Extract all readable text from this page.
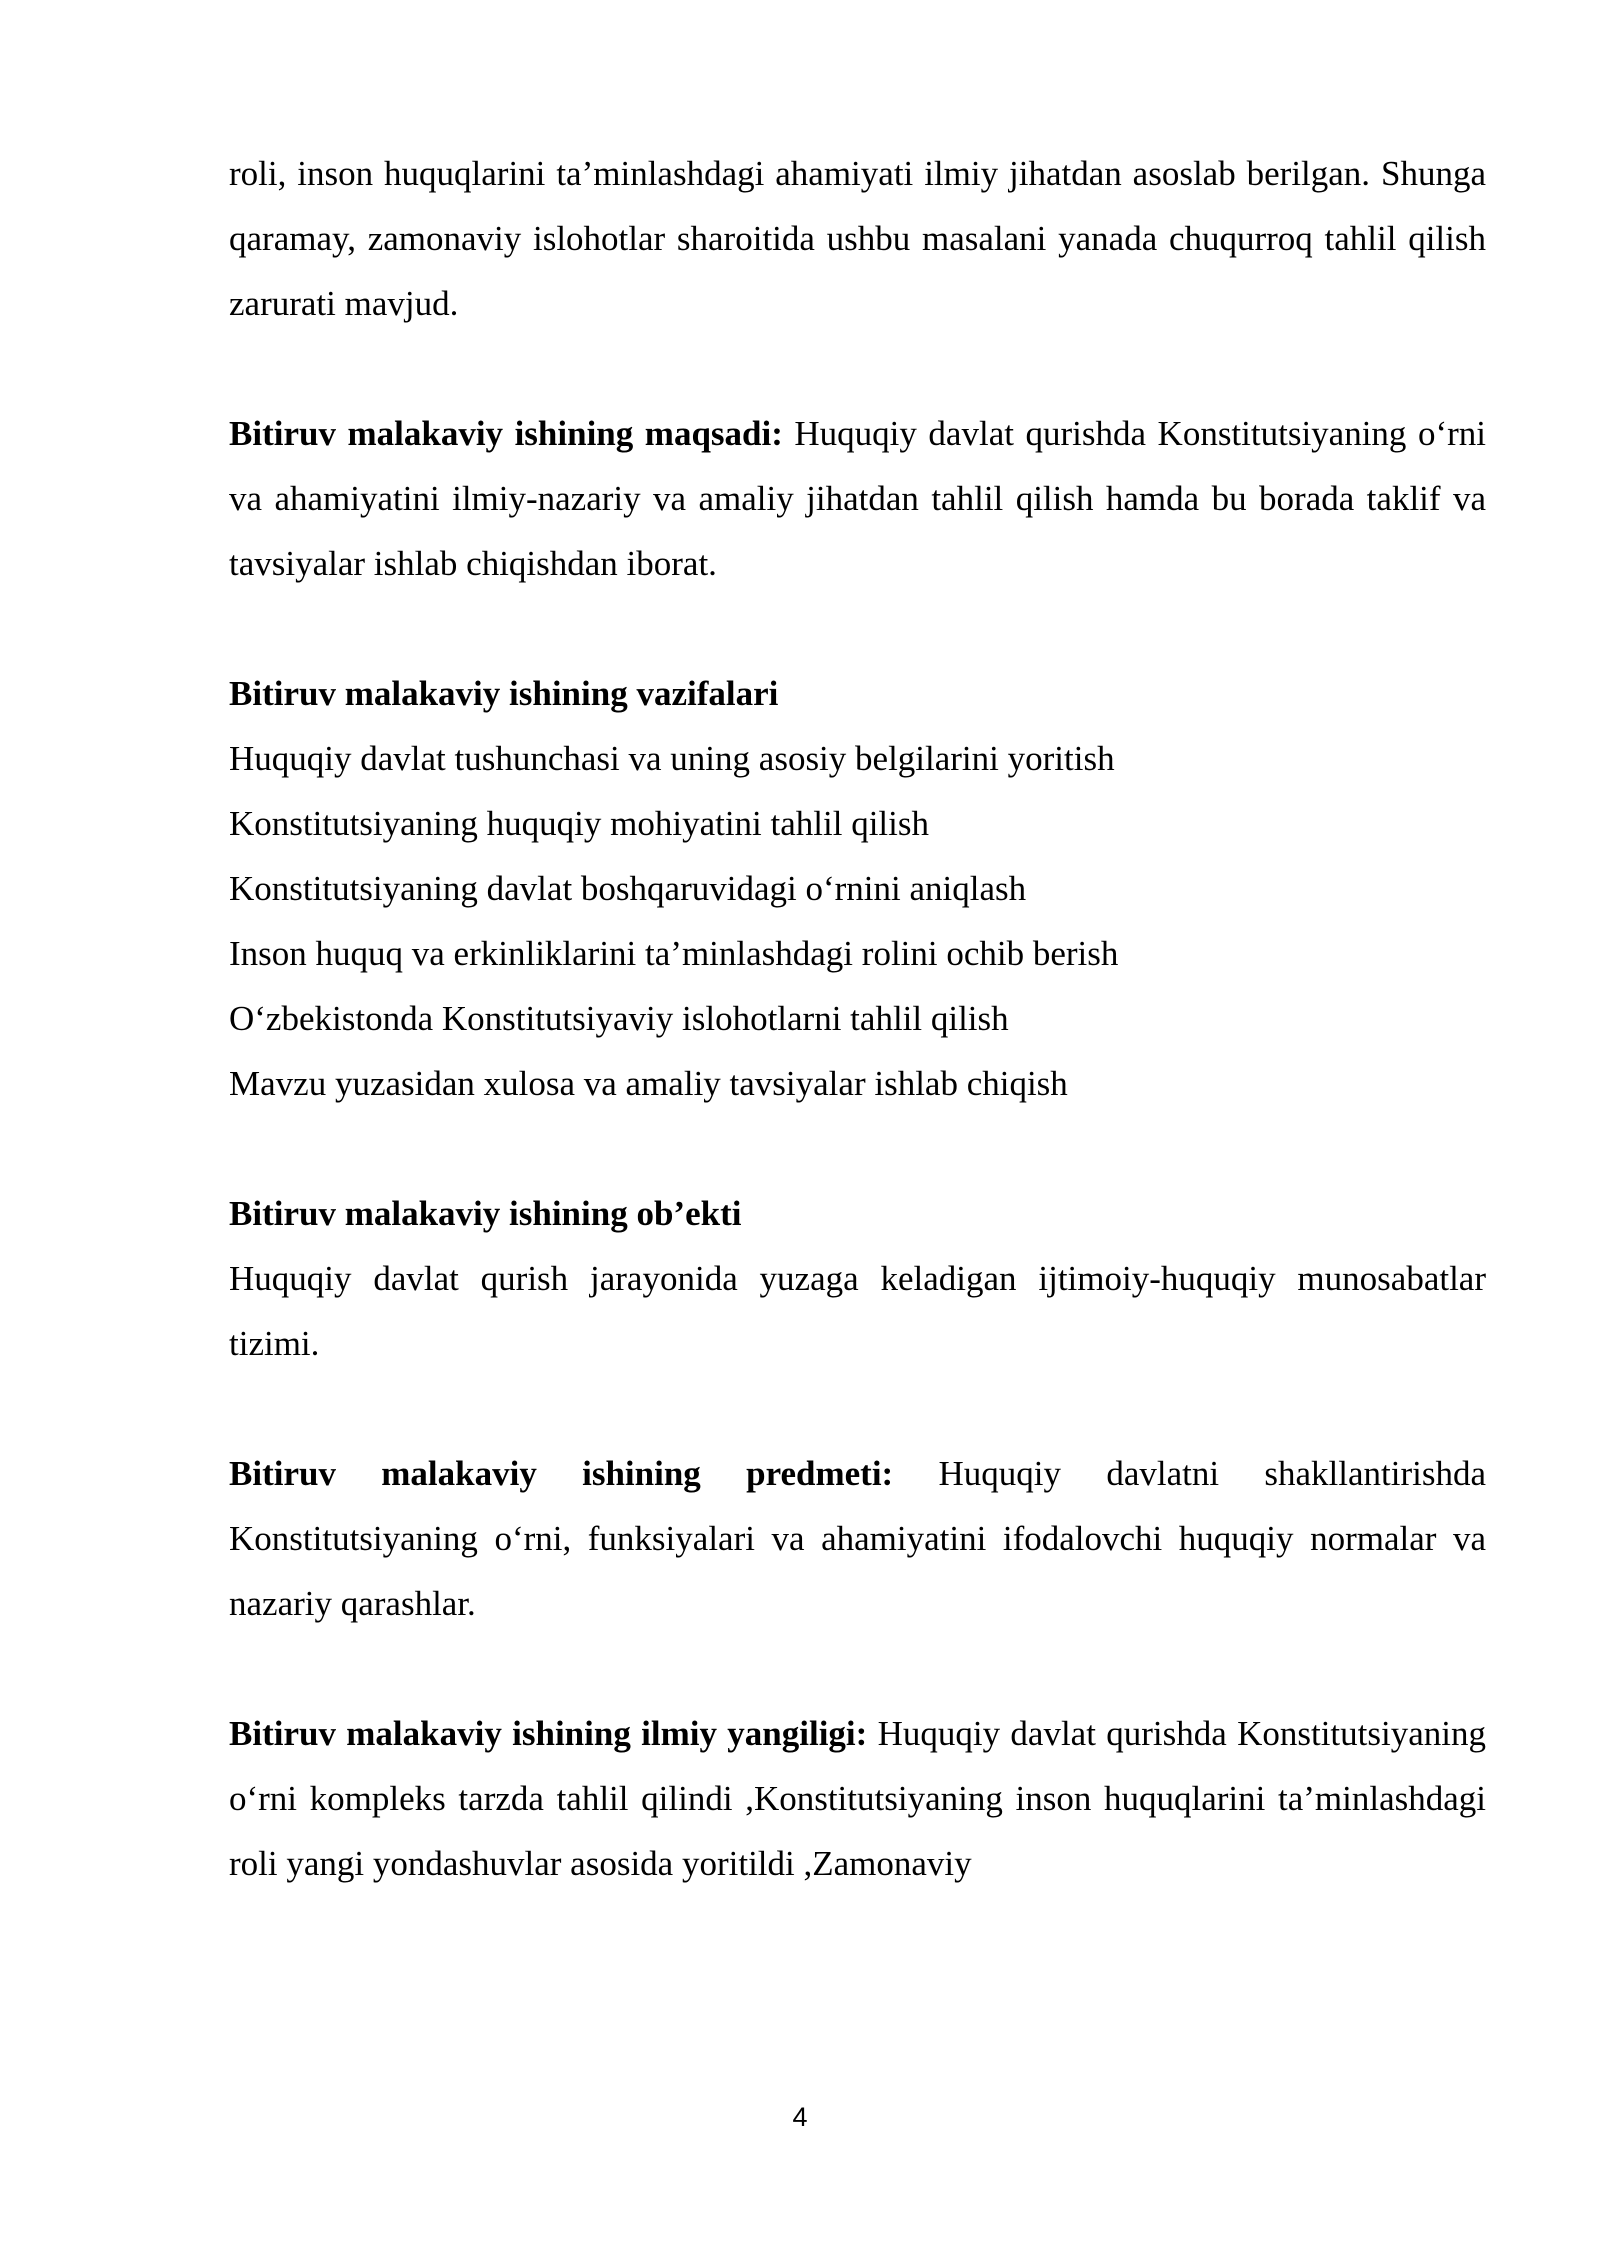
roli, inson huquqlarini ta’minlashdagi ahamiyati ilmiy jihatdan asoslab berilgan. Shunga qaramay, zamonaviy islohotlar sharoitida ushbu masalani yanada chuqurroq tahlil qilish zarurati mavjud.

Bitiruv malakaviy ishining maqsadi: Huquqiy davlat qurishda Konstitutsiyaning o‘rni va ahamiyatini ilmiy-nazariy va amaliy jihatdan tahlil qilish hamda bu borada taklif va tavsiyalar ishlab chiqishdan iborat.

Bitiruv malakaviy ishining vazifalari

Huquqiy davlat tushunchasi va uning asosiy belgilarini yoritish

Konstitutsiyaning huquqiy mohiyatini tahlil qilish

Konstitutsiyaning davlat boshqaruvidagi o‘rnini aniqlash

Inson huquq va erkinliklarini ta’minlashdagi rolini ochib berish

O‘zbekistonda Konstitutsiyaviy islohotlarni tahlil qilish

Mavzu yuzasidan xulosa va amaliy tavsiyalar ishlab chiqish

Bitiruv malakaviy ishining ob’ekti

Huquqiy davlat qurish jarayonida yuzaga keladigan ijtimoiy-huquqiy munosabatlar tizimi.

Bitiruv malakaviy ishining predmeti: Huquqiy davlatni shakllantirishda Konstitutsiyaning o‘rni, funksiyalari va ahamiyatini ifodalovchi huquqiy normalar va nazariy qarashlar.

Bitiruv malakaviy ishining ilmiy yangiligi: Huquqiy davlat qurishda Konstitutsiyaning o‘rni kompleks tarzda tahlil qilindi ,Konstitutsiyaning inson huquqlarini ta’minlashdagi roli yangi yondashuvlar asosida yoritildi ,Zamonaviy

4
